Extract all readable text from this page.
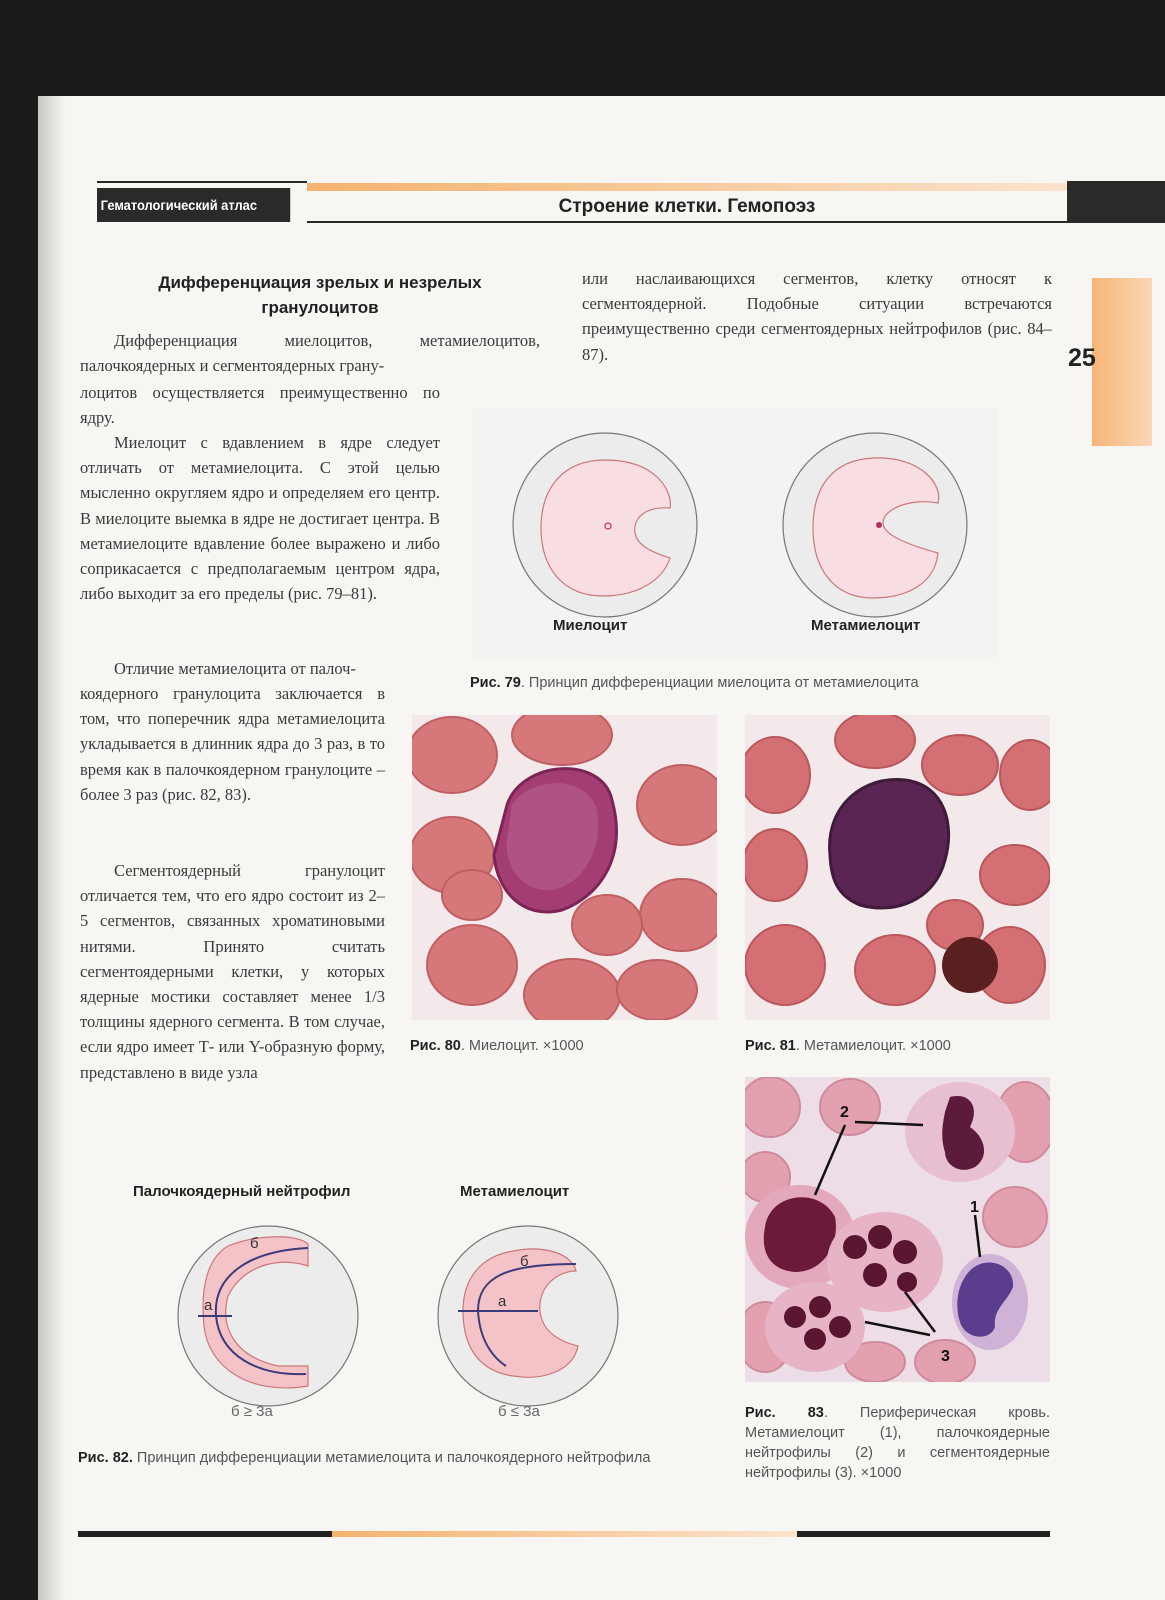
Гематологический атлас	Строение клетки. Гемопоэз
25
Дифференциация зрелых и незрелых гранулоцитов

Дифференциация миелоцитов, метамиелоцитов, палочкоядерных и сегментоядерных грану-

лоцитов осуществляется преимущественно по ядру.

Миелоцит с вдавлением в ядре следует отличать от метамиелоцита. С этой целью мысленно округляем ядро и определяем его центр. В миелоците выемка в ядре не достигает центра. В метамиелоците вдавление более выражено и либо соприкасается с предполагаемым центром ядра, либо выходит за его пределы (рис. 79–81).

Отличие метамиелоцита от палоч-

коядерного гранулоцита заключается в том, что поперечник ядра метамиелоцита укладывается в длинник ядра до 3 раз, в то время как в палочкоядерном гранулоците – более 3 раз (рис. 82, 83).

Сегментоядерный гранулоцит отличается тем, что его ядро состоит из 2–5 сегментов, связанных хроматиновыми нитями. Принято считать сегментоядерными клетки, у которых ядерные мостики составляет менее 1/3 толщины ядерного сегмента. В том случае, если ядро имеет Т- или Y-образную форму, представлено в виде узла

или наслаивающихся сегментов, клетку относят к сегментоядерной. Подобные ситуации встречаются преимущественно среди сегментоядерных нейтрофилов (рис. 84–87).

Миелоцит	Метамиелоцит
Рис. 79. Принцип дифференциации миелоцита от метамиелоцита
Рис. 80. Миелоцит. ×1000	Рис. 81. Метамиелоцит. ×1000
Палочкоядерный нейтрофил	Метамиелоцит
б
а
б
а
б ≥ 3а	б ≤ 3а
Рис. 82. Принцип дифференциации метамиелоцита и палочкоядерного нейтрофила
2
1
3
Рис. 83. Периферическая кровь. Метамиелоцит (1), палочкоядерные нейтрофилы (2) и сегментоядерные нейтрофилы (3). ×1000
